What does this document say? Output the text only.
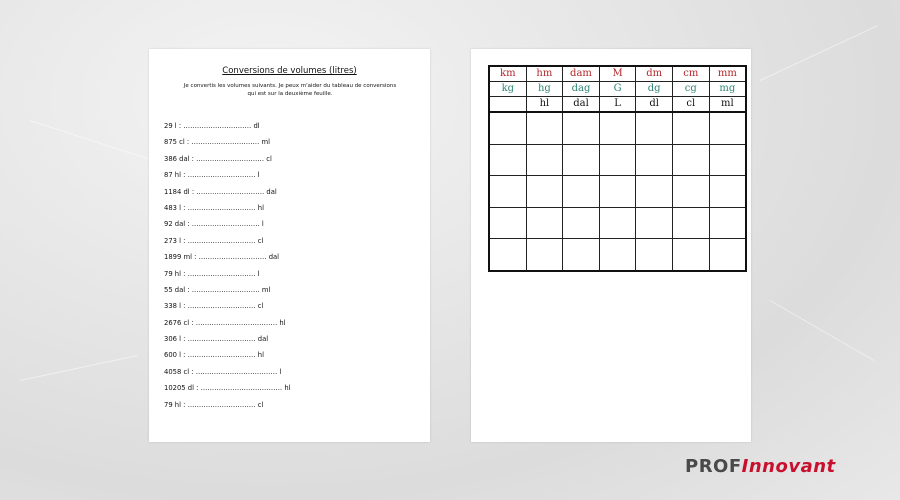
Conversions de volumes (litres)
Je convertis les volumes suivants. Je peux m'aider du tableau de conversions qui est sur la deuxième feuille.
29 l : ………………………… dl
875 cl : ………………………… ml
386 dal : ………………………… cl
87 hl : ………………………… l
1184 dl : ………………………… dal
483 l : ………………………… hl
92 dal : ………………………… l
273 l : ………………………… cl
1899 ml : ………………………… dal
79 hl : ………………………… l
55 dal : ………………………… ml
338 l : ………………………… cl
2676 cl : ……………………………… hl
306 l : ………………………… dal
600 l : ………………………… hl
4058 cl : ……………………………… l
10205 dl : ……………………………… hl
79 hl : ………………………… cl
km	hm	dam	M	dm	cm	mm
kg	hg	dag	G	dg	cg	mg
	hl	dal	L	dl	cl	ml

PROFInnovant
